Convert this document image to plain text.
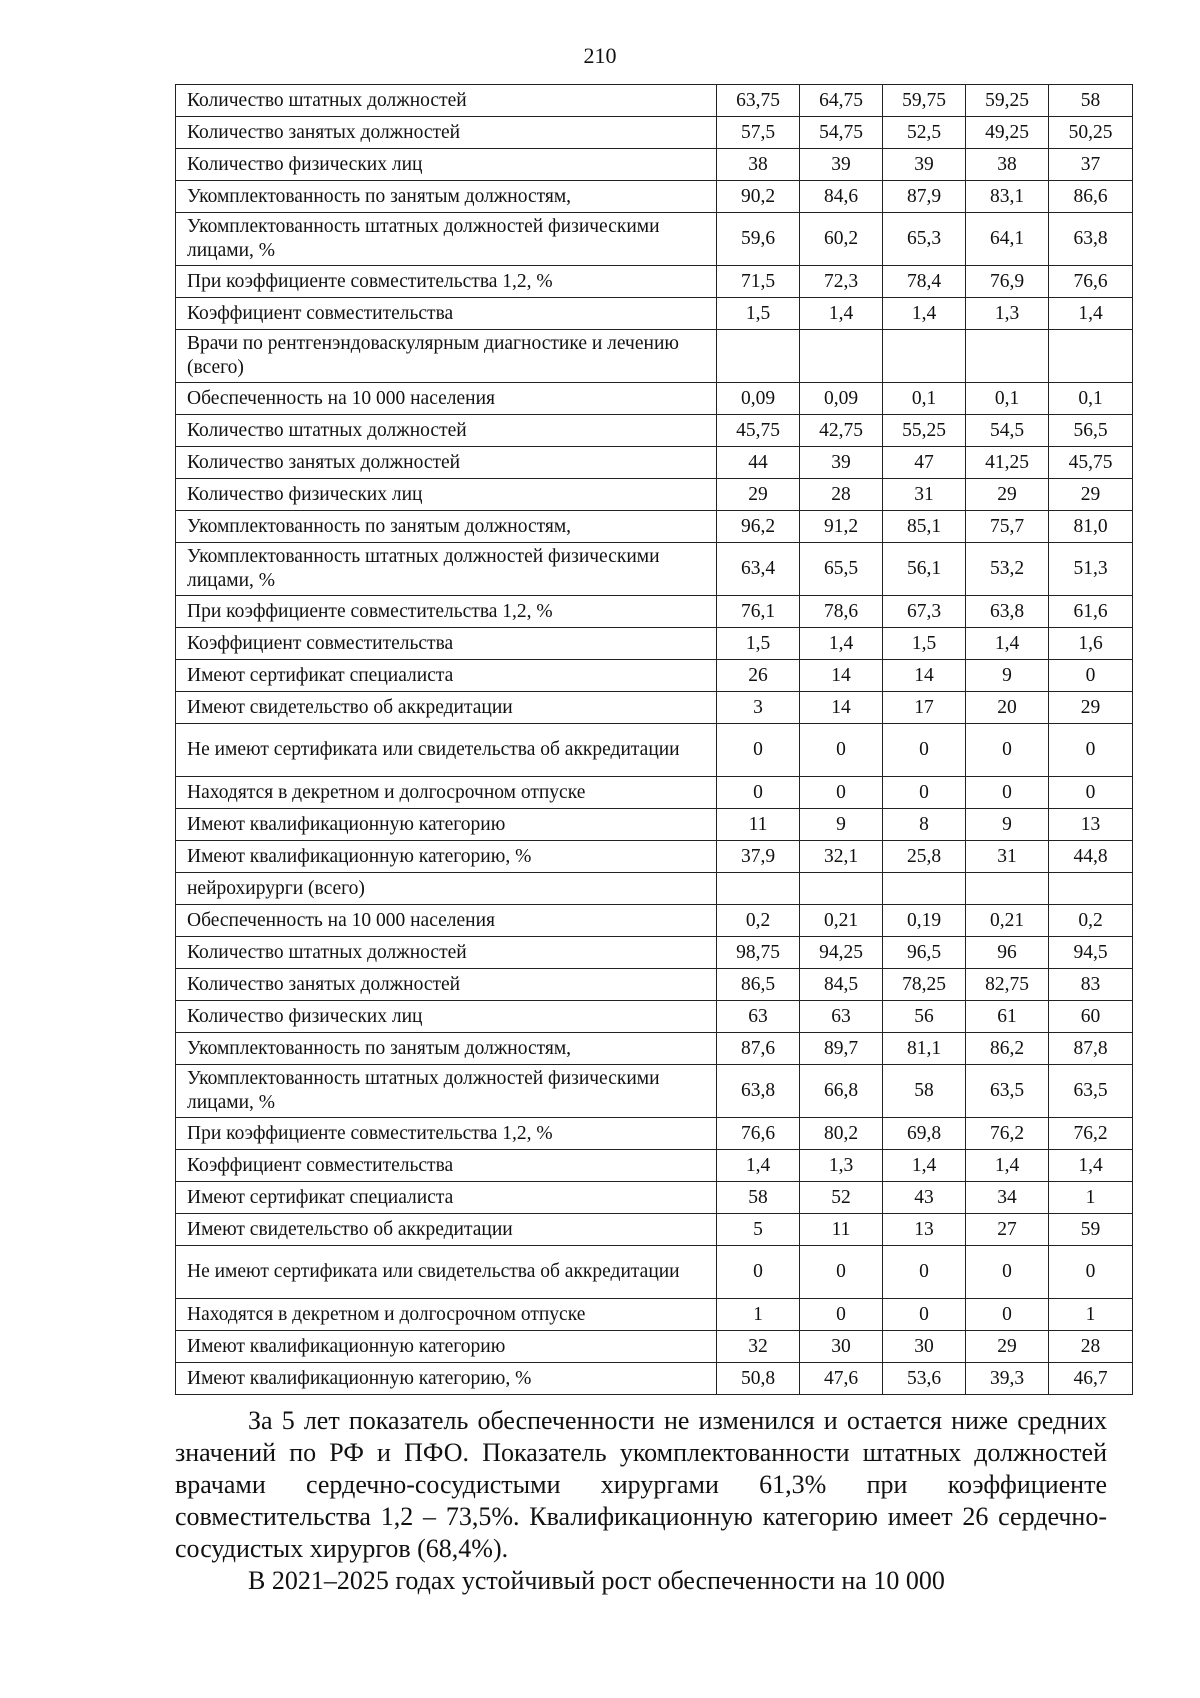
210
Количество штатных должностей	63,75	64,75	59,75	59,25	58
Количество занятых должностей	57,5	54,75	52,5	49,25	50,25
Количество физических лиц	38	39	39	38	37
Укомплектованность по занятым должностям,	90,2	84,6	87,9	83,1	86,6
Укомплектованность штатных должностей физическими лицами, %	59,6	60,2	65,3	64,1	63,8
При коэффициенте совместительства 1,2, %	71,5	72,3	78,4	76,9	76,6
Коэффициент совместительства	1,5	1,4	1,4	1,3	1,4
Врачи по рентгенэндоваскулярным диагностике и лечению (всего)					
Обеспеченность на 10 000 населения	0,09	0,09	0,1	0,1	0,1
Количество штатных должностей	45,75	42,75	55,25	54,5	56,5
Количество занятых должностей	44	39	47	41,25	45,75
Количество физических лиц	29	28	31	29	29
Укомплектованность по занятым должностям,	96,2	91,2	85,1	75,7	81,0
Укомплектованность штатных должностей физическими лицами, %	63,4	65,5	56,1	53,2	51,3
При коэффициенте совместительства 1,2, %	76,1	78,6	67,3	63,8	61,6
Коэффициент совместительства	1,5	1,4	1,5	1,4	1,6
Имеют сертификат специалиста	26	14	14	9	0
Имеют свидетельство об аккредитации	3	14	17	20	29
Не имеют сертификата или свидетельства об аккредитации	0	0	0	0	0
Находятся в декретном и долгосрочном отпуске	0	0	0	0	0
Имеют квалификационную категорию	11	9	8	9	13
Имеют квалификационную категорию, %	37,9	32,1	25,8	31	44,8
нейрохирурги (всего)					
Обеспеченность на 10 000 населения	0,2	0,21	0,19	0,21	0,2
Количество штатных должностей	98,75	94,25	96,5	96	94,5
Количество занятых должностей	86,5	84,5	78,25	82,75	83
Количество физических лиц	63	63	56	61	60
Укомплектованность по занятым должностям,	87,6	89,7	81,1	86,2	87,8
Укомплектованность штатных должностей физическими лицами, %	63,8	66,8	58	63,5	63,5
При коэффициенте совместительства 1,2, %	76,6	80,2	69,8	76,2	76,2
Коэффициент совместительства	1,4	1,3	1,4	1,4	1,4
Имеют сертификат специалиста	58	52	43	34	1
Имеют свидетельство об аккредитации	5	11	13	27	59
Не имеют сертификата или свидетельства об аккредитации	0	0	0	0	0
Находятся в декретном и долгосрочном отпуске	1	0	0	0	1
Имеют квалификационную категорию	32	30	30	29	28
Имеют квалификационную категорию, %	50,8	47,6	53,6	39,3	46,7

За 5 лет показатель обеспеченности не изменился и остается ниже средних значений по РФ и ПФО. Показатель укомплектованности штатных должностей врачами сердечно-сосудистыми хирургами 61,3% при коэффициенте совместительства 1,2 – 73,5%. Квалификационную категорию имеет 26 сердечно-сосудистых хирургов (68,4%).

В 2021–2025 годах устойчивый рост обеспеченности на 10 000
